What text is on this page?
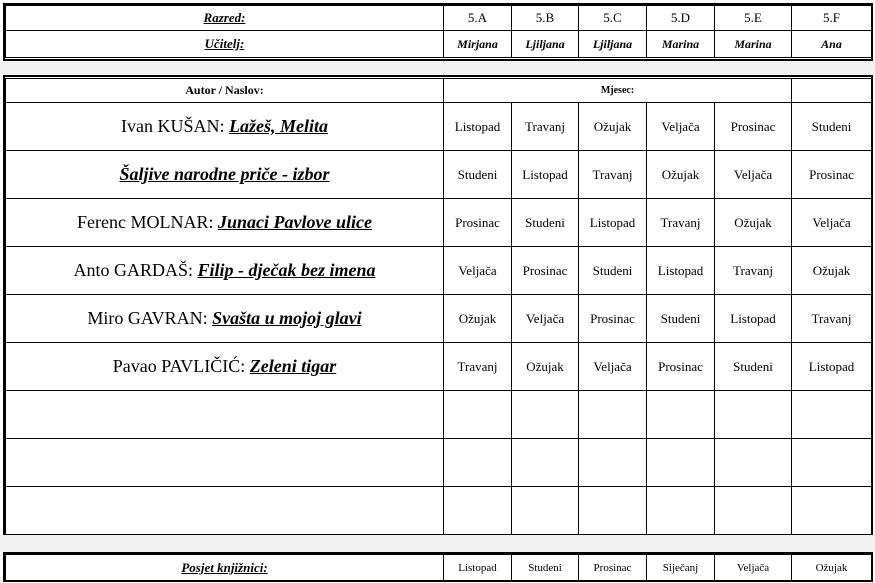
Razred:	5.A	5.B	5.C	5.D	5.E	5.F
Učitelj:	Mirjana	Ljiljana	Ljiljana	Marina	Marina	Ana
Autor / Naslov:	Mjesec:					
Ivan KUŠAN: Lažeš, Melita	Listopad	Travanj	Ožujak	Veljača	Prosinac	Studeni
Šaljive narodne priče - izbor	Studeni	Listopad	Travanj	Ožujak	Veljača	Prosinac
Ferenc MOLNAR: Junaci Pavlove ulice	Prosinac	Studeni	Listopad	Travanj	Ožujak	Veljača
Anto GARDAŠ: Filip - dječak bez imena	Veljača	Prosinac	Studeni	Listopad	Travanj	Ožujak
Miro GAVRAN: Svašta u mojoj glavi	Ožujak	Veljača	Prosinac	Studeni	Listopad	Travanj
Pavao PAVLIČIĆ: Zeleni tigar	Travanj	Ožujak	Veljača	Prosinac	Studeni	Listopad

Posjet knjižnici:	Listopad	Studeni	Prosinac	Siječanj	Veljača	Ožujak
